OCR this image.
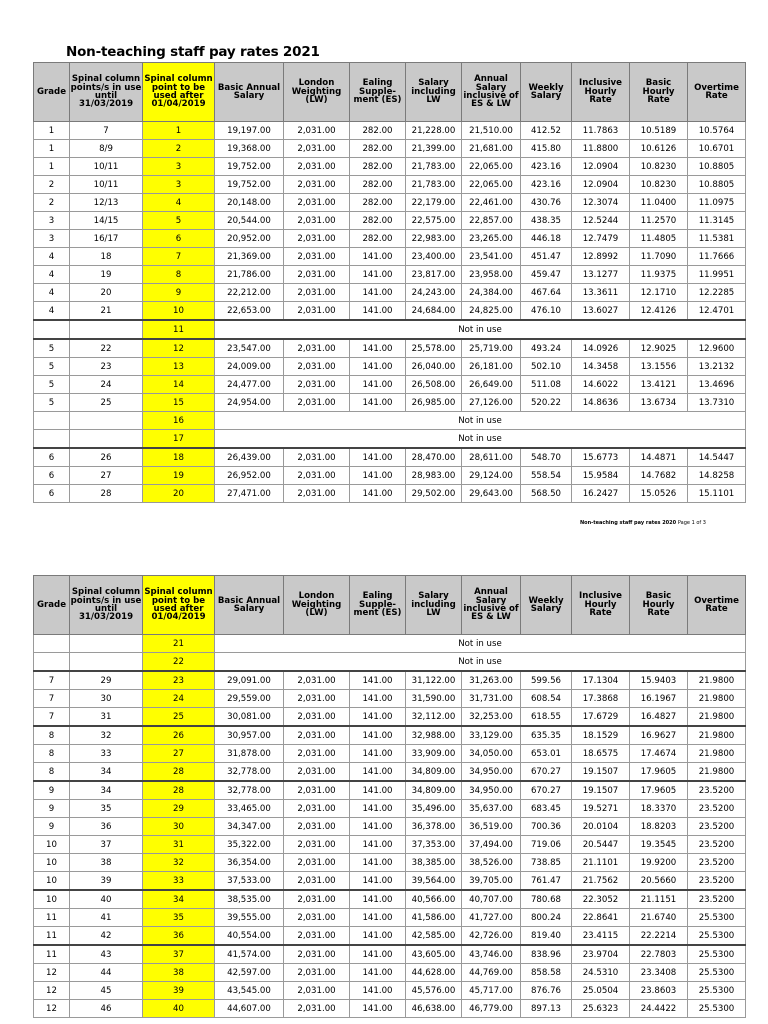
Non-teaching staff pay rates 2021
Grade	Spinal column points/s in use until 31/03/2019	Spinal column point to be used after 01/04/2019	Basic Annual Salary	London Weighting (LW)	Ealing Supple-ment (ES)	Salary including LW	Annual Salary inclusive of ES & LW	Weekly Salary	Inclusive Hourly Rate	Basic Hourly Rate	Overtime Rate
1	7	1	19,197.00	2,031.00	282.00	21,228.00	21,510.00	412.52	11.7863	10.5189	10.5764
1	8/9	2	19,368.00	2,031.00	282.00	21,399.00	21,681.00	415.80	11.8800	10.6126	10.6701
1	10/11	3	19,752.00	2,031.00	282.00	21,783.00	22,065.00	423.16	12.0904	10.8230	10.8805
2	10/11	3	19,752.00	2,031.00	282.00	21,783.00	22,065.00	423.16	12.0904	10.8230	10.8805
2	12/13	4	20,148.00	2,031.00	282.00	22,179.00	22,461.00	430.76	12.3074	11.0400	11.0975
3	14/15	5	20,544.00	2,031.00	282.00	22,575.00	22,857.00	438.35	12.5244	11.2570	11.3145
3	16/17	6	20,952.00	2,031.00	282.00	22,983.00	23,265.00	446.18	12.7479	11.4805	11.5381
4	18	7	21,369.00	2,031.00	141.00	23,400.00	23,541.00	451.47	12.8992	11.7090	11.7666
4	19	8	21,786.00	2,031.00	141.00	23,817.00	23,958.00	459.47	13.1277	11.9375	11.9951
4	20	9	22,212.00	2,031.00	141.00	24,243.00	24,384.00	467.64	13.3611	12.1710	12.2285
4	21	10	22,653.00	2,031.00	141.00	24,684.00	24,825.00	476.10	13.6027	12.4126	12.4701
		11	Not in use								
5	22	12	23,547.00	2,031.00	141.00	25,578.00	25,719.00	493.24	14.0926	12.9025	12.9600
5	23	13	24,009.00	2,031.00	141.00	26,040.00	26,181.00	502.10	14.3458	13.1556	13.2132
5	24	14	24,477.00	2,031.00	141.00	26,508.00	26,649.00	511.08	14.6022	13.4121	13.4696
5	25	15	24,954.00	2,031.00	141.00	26,985.00	27,126.00	520.22	14.8636	13.6734	13.7310
		16	Not in use								
		17	Not in use								
6	26	18	26,439.00	2,031.00	141.00	28,470.00	28,611.00	548.70	15.6773	14.4871	14.5447
6	27	19	26,952.00	2,031.00	141.00	28,983.00	29,124.00	558.54	15.9584	14.7682	14.8258
6	28	20	27,471.00	2,031.00	141.00	29,502.00	29,643.00	568.50	16.2427	15.0526	15.1101
Non-teaching staff pay rates 2020 Page 1 of 3
Grade	Spinal column points/s in use until 31/03/2019	Spinal column point to be used after 01/04/2019	Basic Annual Salary	London Weighting (LW)	Ealing Supple-ment (ES)	Salary including LW	Annual Salary inclusive of ES & LW	Weekly Salary	Inclusive Hourly Rate	Basic Hourly Rate	Overtime Rate
		21	Not in use								
		22	Not in use								
7	29	23	29,091.00	2,031.00	141.00	31,122.00	31,263.00	599.56	17.1304	15.9403	21.9800
7	30	24	29,559.00	2,031.00	141.00	31,590.00	31,731.00	608.54	17.3868	16.1967	21.9800
7	31	25	30,081.00	2,031.00	141.00	32,112.00	32,253.00	618.55	17.6729	16.4827	21.9800
8	32	26	30,957.00	2,031.00	141.00	32,988.00	33,129.00	635.35	18.1529	16.9627	21.9800
8	33	27	31,878.00	2,031.00	141.00	33,909.00	34,050.00	653.01	18.6575	17.4674	21.9800
8	34	28	32,778.00	2,031.00	141.00	34,809.00	34,950.00	670.27	19.1507	17.9605	21.9800
9	34	28	32,778.00	2,031.00	141.00	34,809.00	34,950.00	670.27	19.1507	17.9605	23.5200
9	35	29	33,465.00	2,031.00	141.00	35,496.00	35,637.00	683.45	19.5271	18.3370	23.5200
9	36	30	34,347.00	2,031.00	141.00	36,378.00	36,519.00	700.36	20.0104	18.8203	23.5200
10	37	31	35,322.00	2,031.00	141.00	37,353.00	37,494.00	719.06	20.5447	19.3545	23.5200
10	38	32	36,354.00	2,031.00	141.00	38,385.00	38,526.00	738.85	21.1101	19.9200	23.5200
10	39	33	37,533.00	2,031.00	141.00	39,564.00	39,705.00	761.47	21.7562	20.5660	23.5200
10	40	34	38,535.00	2,031.00	141.00	40,566.00	40,707.00	780.68	22.3052	21.1151	23.5200
11	41	35	39,555.00	2,031.00	141.00	41,586.00	41,727.00	800.24	22.8641	21.6740	25.5300
11	42	36	40,554.00	2,031.00	141.00	42,585.00	42,726.00	819.40	23.4115	22.2214	25.5300
11	43	37	41,574.00	2,031.00	141.00	43,605.00	43,746.00	838.96	23.9704	22.7803	25.5300
12	44	38	42,597.00	2,031.00	141.00	44,628.00	44,769.00	858.58	24.5310	23.3408	25.5300
12	45	39	43,545.00	2,031.00	141.00	45,576.00	45,717.00	876.76	25.0504	23.8603	25.5300
12	46	40	44,607.00	2,031.00	141.00	46,638.00	46,779.00	897.13	25.6323	24.4422	25.5300
